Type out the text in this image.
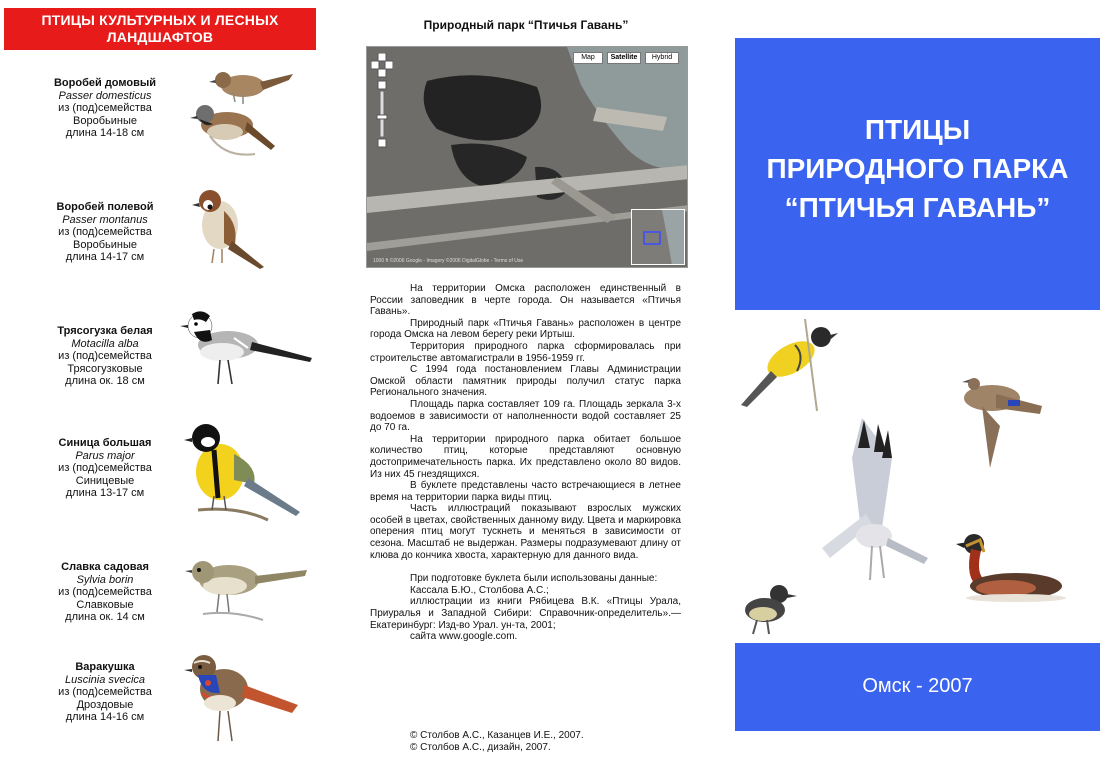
ПТИЦЫ КУЛЬТУРНЫХ И ЛЕСНЫХ
ЛАНДШАФТОВ
Воробей домовый
Passer domesticus
из (под)семейства
Воробьиные
длина 14-18 см
Воробей полевой
Passer montanus
из (под)семейства
Воробьиные
длина 14-17 см
Трясогузка белая
Motacilla alba
из (под)семейства
Трясогузковые
длина ок. 18 см
Синица большая
Parus major
из (под)семейства
Синицевые
длина 13-17 см
Славка садовая
Sylvia borin
из (под)семейства
Славковые
длина ок. 14 см
Варакушка
Luscinia svecica
из (под)семейства
Дроздовые
длина 14-16 см
Природный парк “Птичья Гавань”
Map	Satellite	Hybrid
1000 ft ©2006 Google - Imagery ©2006 DigitalGlobe - Terms of Use

На территории Омска расположен единственный в России заповедник в черте города. Он называется «Птичья Гавань».

Природный парк «Птичья Гавань» расположен в центре города Омска на левом берегу реки Иртыш.

Территория природного парка сформировалась при строительстве автомагистрали в 1956-1959 гг.

С 1994 года постановлением Главы Администрации Омской области памятник природы получил статус парка Регионального значения.

Площадь парка составляет 109 га. Площадь зеркала 3-х водоемов в зависимости от наполненности водой составляет 25 до 70 га.

На территории природного парка обитает большое количество птиц, которые представляют основную достопримечательность парка. Их представлено около 80 видов. Из них 45 гнездящихся.

В буклете представлены часто встречающиеся в летнее время на территории парка виды птиц.

Часть иллюстраций показывают взрослых мужских особей в цветах, свойственных данному виду. Цвета и маркировка оперения птиц могут тускнеть и меняться в зависимости от сезона. Масштаб не выдержан. Размеры подразумевают длину от клюва до кончика хвоста, характерную для данного вида.

При подготовке буклета были использованы данные:

Кассала Б.Ю., Столбова А.С.;

иллюстрации из книги Рябицева В.К. «Птицы Урала, Приуралья и Западной Сибири: Справочник-определитель».—Екатеринбург: Изд-во Урал. ун-та, 2001;

сайта www.google.com.

© Столбов А.С., Казанцев И.Е., 2007.
© Столбов А.С., дизайн, 2007.
ПТИЦЫ
ПРИРОДНОГО ПАРКА
“ПТИЧЬЯ ГАВАНЬ”
Омск - 2007
